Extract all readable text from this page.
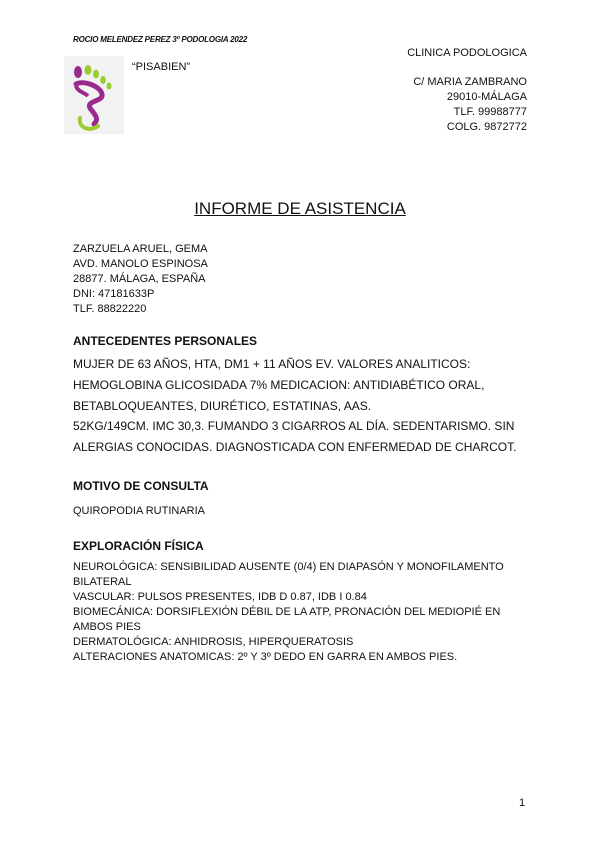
ROCIO MELENDEZ PEREZ 3º PODOLOGIA 2022
“PISABIEN”
CLINICA PODOLOGICA
C/ MARIA ZAMBRANO
29010-MÁLAGA
TLF. 99988777
COLG. 9872772
INFORME DE ASISTENCIA
ZARZUELA ARUEL, GEMA
AVD. MANOLO ESPINOSA
28877. MÁLAGA, ESPAÑA
DNI: 47181633P
TLF. 88822220
ANTECEDENTES PERSONALES
MUJER DE 63 AÑOS, HTA, DM1 + 11 AÑOS EV. VALORES ANALITICOS:
HEMOGLOBINA GLICOSIDADA 7% MEDICACION: ANTIDIABÉTICO ORAL,
BETABLOQUEANTES, DIURÉTICO, ESTATINAS, AAS.
52KG/149CM. IMC 30,3. FUMANDO 3 CIGARROS AL DÍA. SEDENTARISMO. SIN
ALERGIAS CONOCIDAS. DIAGNOSTICADA CON ENFERMEDAD DE CHARCOT.
MOTIVO DE CONSULTA
QUIROPODIA RUTINARIA
EXPLORACIÓN FÍSICA
NEUROLÓGICA: SENSIBILIDAD AUSENTE (0/4) EN DIAPASÓN Y MONOFILAMENTO
BILATERAL
VASCULAR: PULSOS PRESENTES, IDB D 0.87, IDB I 0.84
BIOMECÁNICA: DORSIFLEXIÓN DÉBIL DE LA ATP, PRONACIÓN DEL MEDIOPIÉ EN
AMBOS PIES
DERMATOLÓGICA: ANHIDROSIS, HIPERQUERATOSIS
ALTERACIONES ANATOMICAS: 2º Y 3º DEDO EN GARRA EN AMBOS PIES.
1
